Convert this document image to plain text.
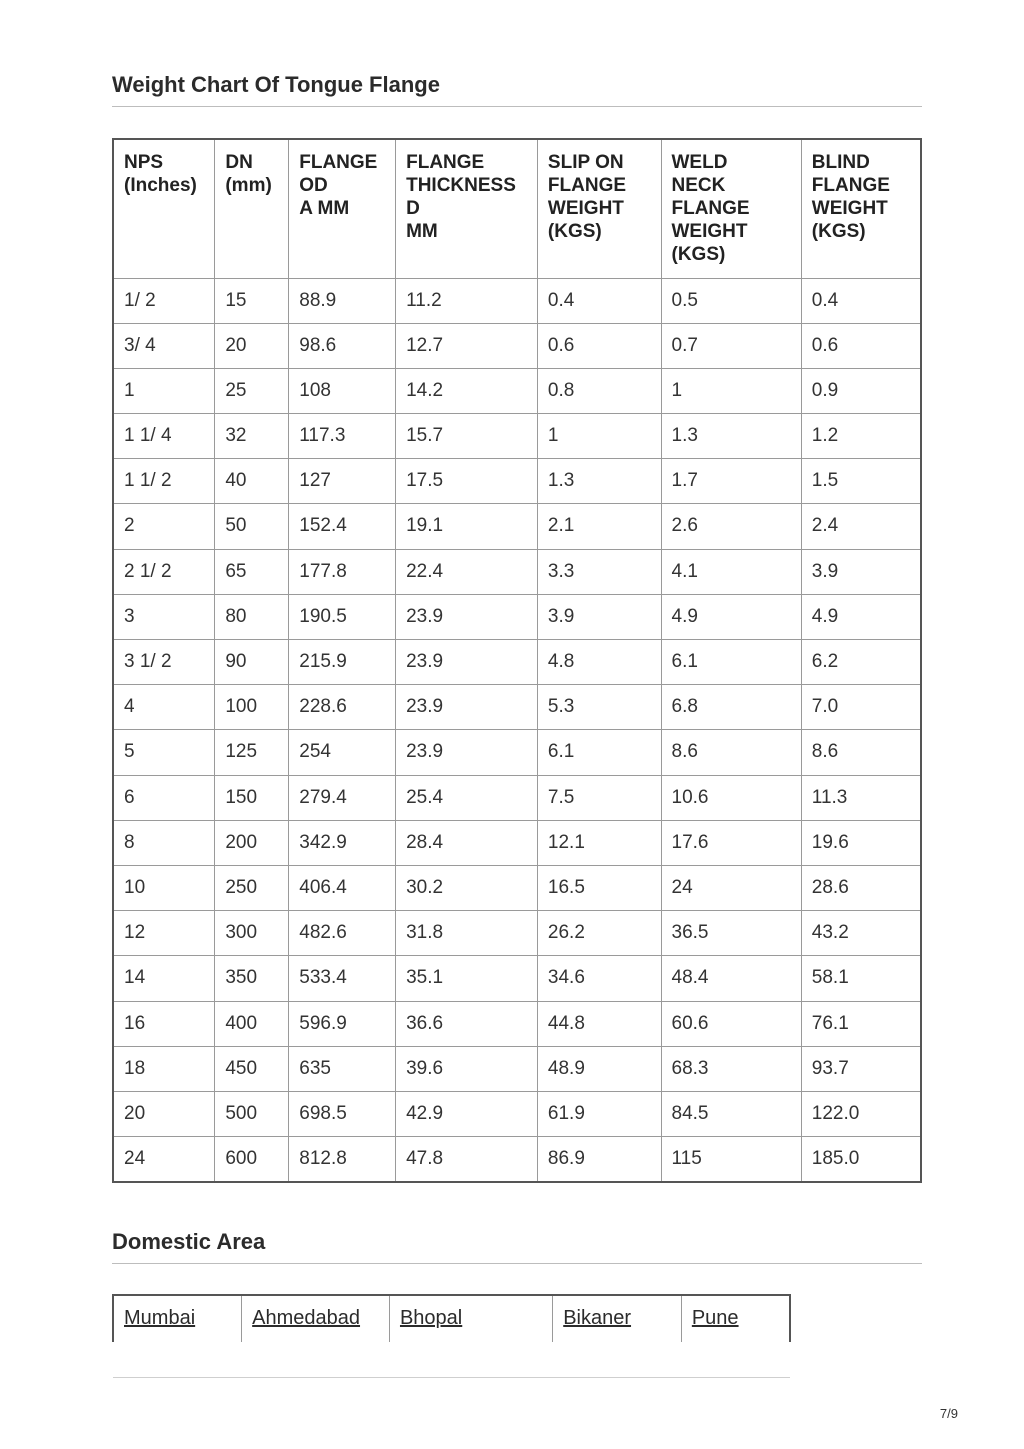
Weight Chart Of Tongue Flange
NPS
(Inches)	DN
(mm)	FLANGE
OD
A MM	FLANGE
THICKNESS
D
MM	SLIP ON
FLANGE
WEIGHT
(KGS)	WELD
NECK
FLANGE
WEIGHT
(KGS)	BLIND
FLANGE
WEIGHT
(KGS)
1/ 2	15	88.9	11.2	0.4	0.5	0.4
3/ 4	20	98.6	12.7	0.6	0.7	0.6
1	25	108	14.2	0.8	1	0.9
1 1/ 4	32	117.3	15.7	1	1.3	1.2
1 1/ 2	40	127	17.5	1.3	1.7	1.5
2	50	152.4	19.1	2.1	2.6	2.4
2 1/ 2	65	177.8	22.4	3.3	4.1	3.9
3	80	190.5	23.9	3.9	4.9	4.9
3 1/ 2	90	215.9	23.9	4.8	6.1	6.2
4	100	228.6	23.9	5.3	6.8	7.0
5	125	254	23.9	6.1	8.6	8.6
6	150	279.4	25.4	7.5	10.6	11.3
8	200	342.9	28.4	12.1	17.6	19.6
10	250	406.4	30.2	16.5	24	28.6
12	300	482.6	31.8	26.2	36.5	43.2
14	350	533.4	35.1	34.6	48.4	58.1
16	400	596.9	36.6	44.8	60.6	76.1
18	450	635	39.6	48.9	68.3	93.7
20	500	698.5	42.9	61.9	84.5	122.0
24	600	812.8	47.8	86.9	115	185.0
Domestic Area
Mumbai	Ahmedabad	Bhopal	Bikaner	Pune

7/9
